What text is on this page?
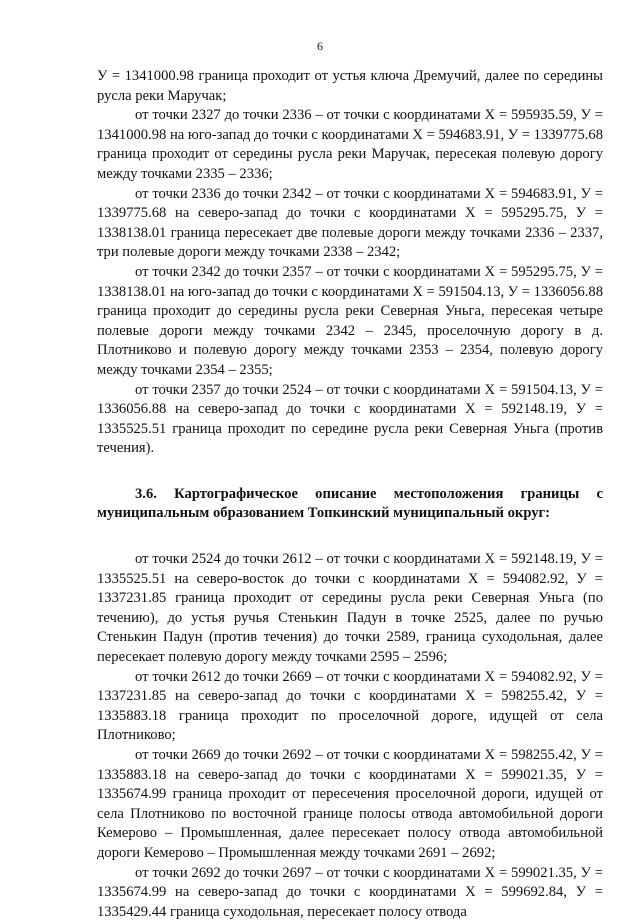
6

У = 1341000.98 граница проходит от устья ключа Дремучий, далее по середины русла реки Маручак;

от точки 2327 до точки 2336 – от точки с координатами Х = 595935.59, У = 1341000.98 на юго-запад до точки с координатами Х = 594683.91, У = 1339775.68 граница проходит от середины русла реки Маручак, пересекая полевую дорогу между точками 2335 – 2336;

от точки 2336 до точки 2342 – от точки с координатами Х = 594683.91, У = 1339775.68 на северо-запад до точки с координатами Х = 595295.75, У = 1338138.01 граница пересекает две полевые дороги между точками 2336 – 2337, три полевые дороги между точками 2338 – 2342;

от точки 2342 до точки 2357 – от точки с координатами Х = 595295.75, У = 1338138.01 на юго-запад до точки с координатами Х = 591504.13, У = 1336056.88 граница проходит до середины русла реки Северная Уньга, пересекая четыре полевые дороги между точками 2342 – 2345, проселочную дорогу в д. Плотниково и полевую дорогу между точками 2353 – 2354, полевую дорогу между точками 2354 – 2355;

от точки 2357 до точки 2524 – от точки с координатами Х = 591504.13, У = 1336056.88 на северо-запад до точки с координатами Х = 592148.19, У = 1335525.51 граница проходит по середине русла реки Северная Уньга (против течения).

3.6. Картографическое описание местоположения границы с муниципальным образованием Топкинский муниципальный округ:

от точки 2524 до точки 2612 – от точки с координатами Х = 592148.19, У = 1335525.51 на северо-восток до точки с координатами Х = 594082.92, У = 1337231.85 граница проходит от середины русла реки Северная Уньга (по течению), до устья ручья Стенькин Падун в точке 2525, далее по ручью Стенькин Падун (против течения) до точки 2589, граница суходольная, далее пересекает полевую дорогу между точками 2595 – 2596;

от точки 2612 до точки 2669 – от точки с координатами Х = 594082.92, У = 1337231.85 на северо-запад до точки с координатами Х = 598255.42, У = 1335883.18 граница проходит по проселочной дороге, идущей от села Плотниково;

от точки 2669 до точки 2692 – от точки с координатами Х = 598255.42, У = 1335883.18 на северо-запад до точки с координатами Х = 599021.35, У = 1335674.99 граница проходит от пересечения проселочной дороги, идущей от села Плотниково по восточной границе полосы отвода автомобильной дороги Кемерово – Промышленная, далее пересекает полосу отвода автомобильной дороги Кемерово – Промышленная между точками 2691 – 2692;

от точки 2692 до точки 2697 – от точки с координатами Х = 599021.35, У = 1335674.99 на северо-запад до точки с координатами Х = 599692.84, У = 1335429.44 граница суходольная, пересекает полосу отвода
